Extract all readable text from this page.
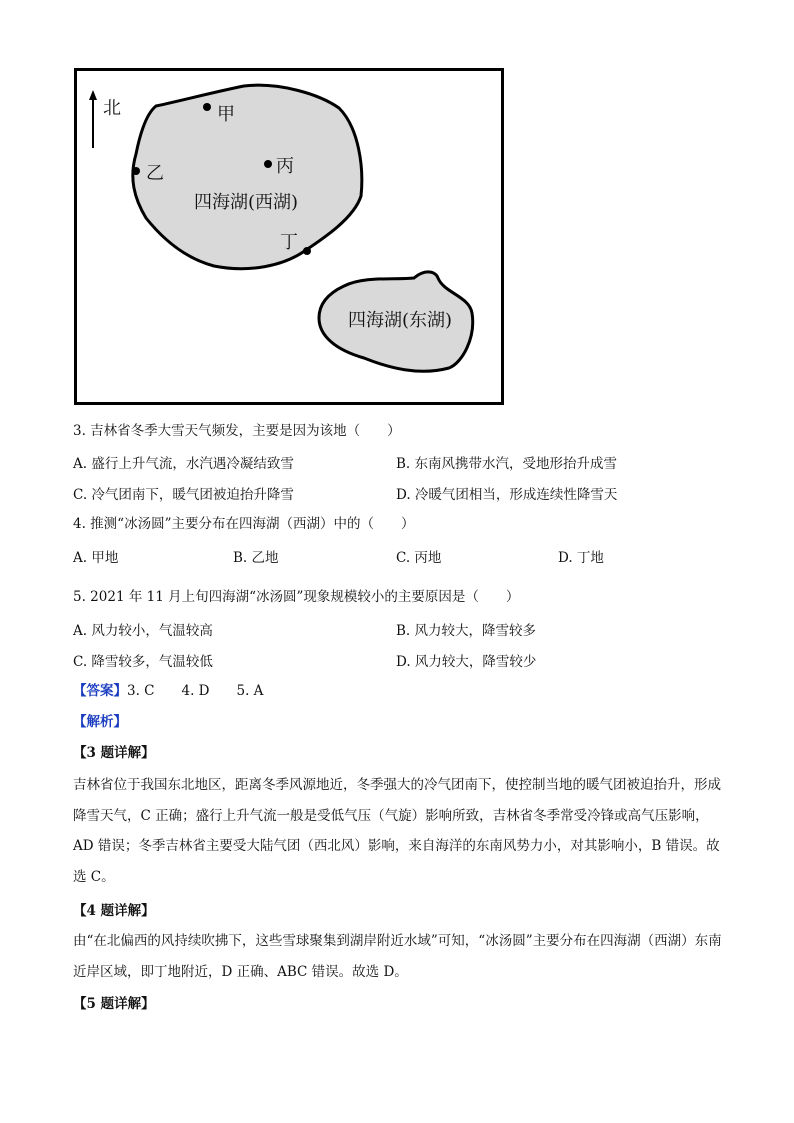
北	甲
乙	丙
丁
四海湖(西湖)
四海湖(东湖)
3. 吉林省冬季大雪天气频发，主要是因为该地（　　）
A. 盛行上升气流，水汽遇冷凝结致雪	B. 东南风携带水汽，受地形抬升成雪
C. 冷气团南下，暖气团被迫抬升降雪	D. 冷暖气团相当，形成连续性降雪天
4. 推测“冰汤圆”主要分布在四海湖（西湖）中的（　　）
A. 甲地	B. 乙地	C. 丙地	D. 丁地
5. 2021 年 11 月上旬四海湖“冰汤圆”现象规模较小的主要原因是（　　）
A. 风力较小，气温较高	B. 风力较大，降雪较多
C. 降雪较多，气温较低	D. 风力较大，降雪较少
【答案】3. C　　4. D　　5. A
【解析】
【3 题详解】
吉林省位于我国东北地区，距离冬季风源地近，冬季强大的冷气团南下，使控制当地的暖气团被迫抬升，形成降雪天气，C 正确；盛行上升气流一般是受低气压（气旋）影响所致，吉林省冬季常受冷锋或高气压影响，AD 错误；冬季吉林省主要受大陆气团（西北风）影响，来自海洋的东南风势力小，对其影响小，B 错误。故选 C。
【4 题详解】
由“在北偏西的风持续吹拂下，这些雪球聚集到湖岸附近水域”可知，“冰汤圆”主要分布在四海湖（西湖）东南近岸区域，即丁地附近，D 正确、ABC 错误。故选 D。
【5 题详解】
